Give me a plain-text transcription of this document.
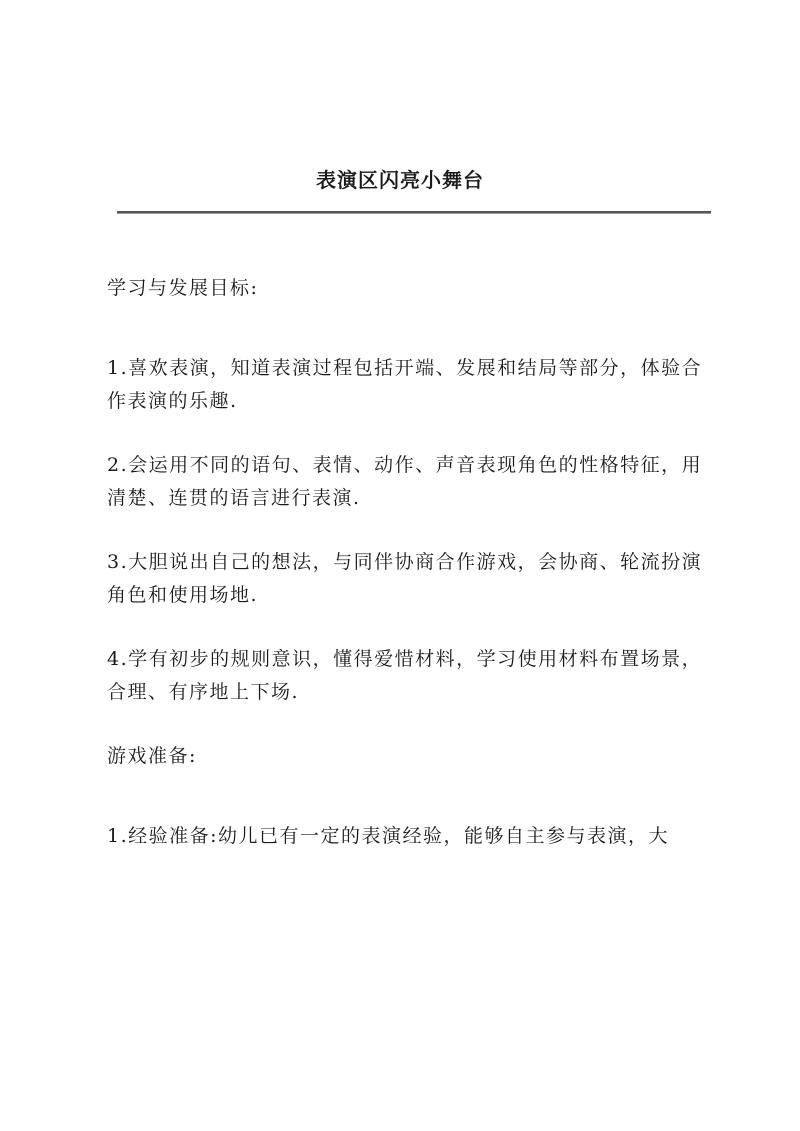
表演区闪亮小舞台

学习与发展目标:

1.喜欢表演，知道表演过程包括开端、发展和结局等部分，体验合作表演的乐趣.

2.会运用不同的语句、表情、动作、声音表现角色的性格特征，用清楚、连贯的语言进行表演.

3.大胆说出自己的想法，与同伴协商合作游戏，会协商、轮流扮演角色和使用场地.

4.学有初步的规则意识，懂得爱惜材料，学习使用材料布置场景，合理、有序地上下场.

游戏准备:

1.经验准备:幼儿已有一定的表演经验，能够自主参与表演，大
